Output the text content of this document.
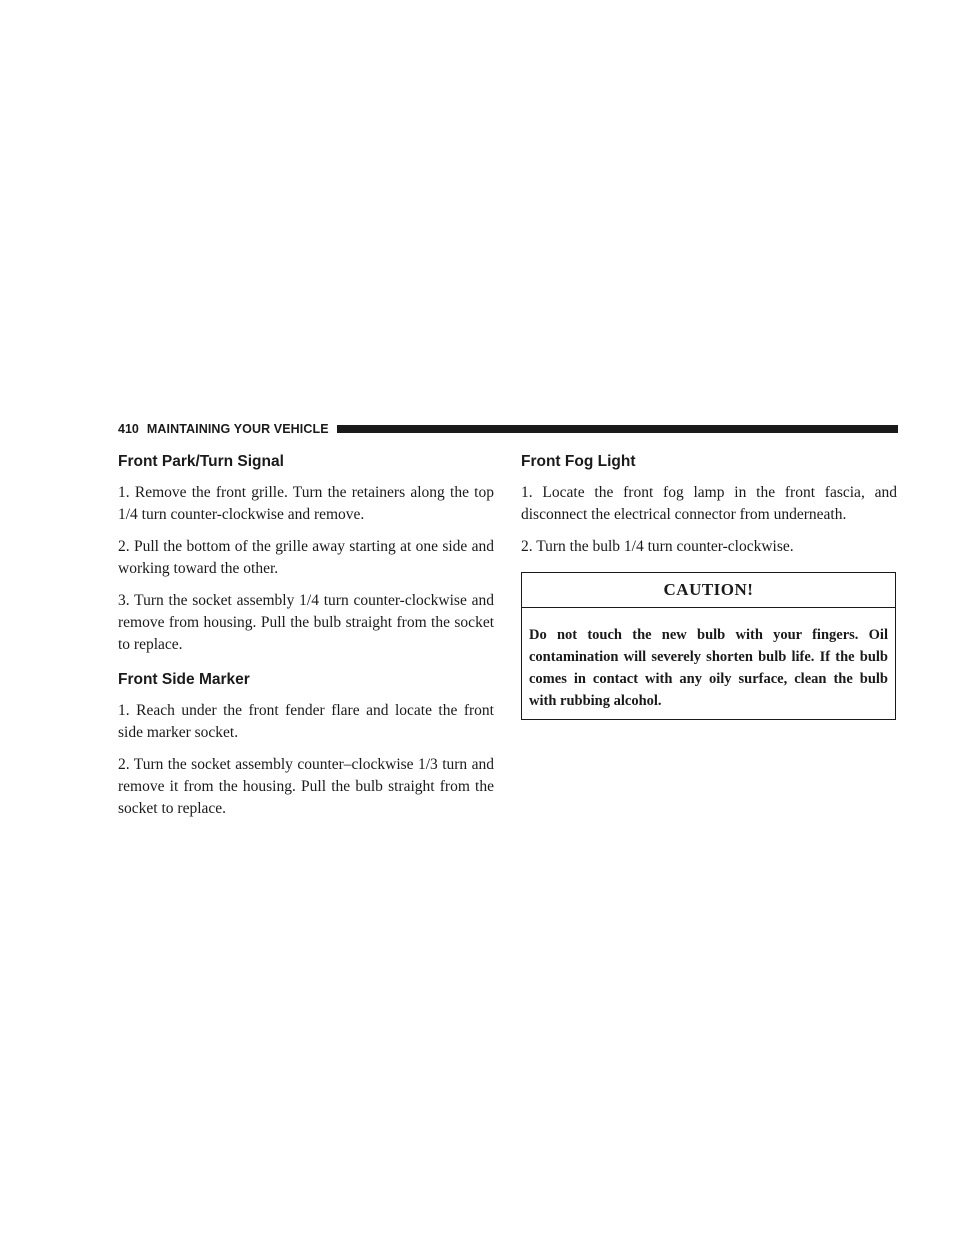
410 MAINTAINING YOUR VEHICLE
Front Park/Turn Signal

1. Remove the front grille. Turn the retainers along the top 1/4 turn counter-clockwise and remove.

2. Pull the bottom of the grille away starting at one side and working toward the other.

3. Turn the socket assembly 1/4 turn counter-clockwise and remove from housing. Pull the bulb straight from the socket to replace.

Front Side Marker

1. Reach under the front fender flare and locate the front side marker socket.

2. Turn the socket assembly counter–clockwise 1/3 turn and remove it from the housing. Pull the bulb straight from the socket to replace.

Front Fog Light

1. Locate the front fog lamp in the front fascia, and disconnect the electrical connector from underneath.

2. Turn the bulb 1/4 turn counter-clockwise.

CAUTION!
Do not touch the new bulb with your fingers. Oil contamination will severely shorten bulb life. If the bulb comes in contact with any oily surface, clean the bulb with rubbing alcohol.
